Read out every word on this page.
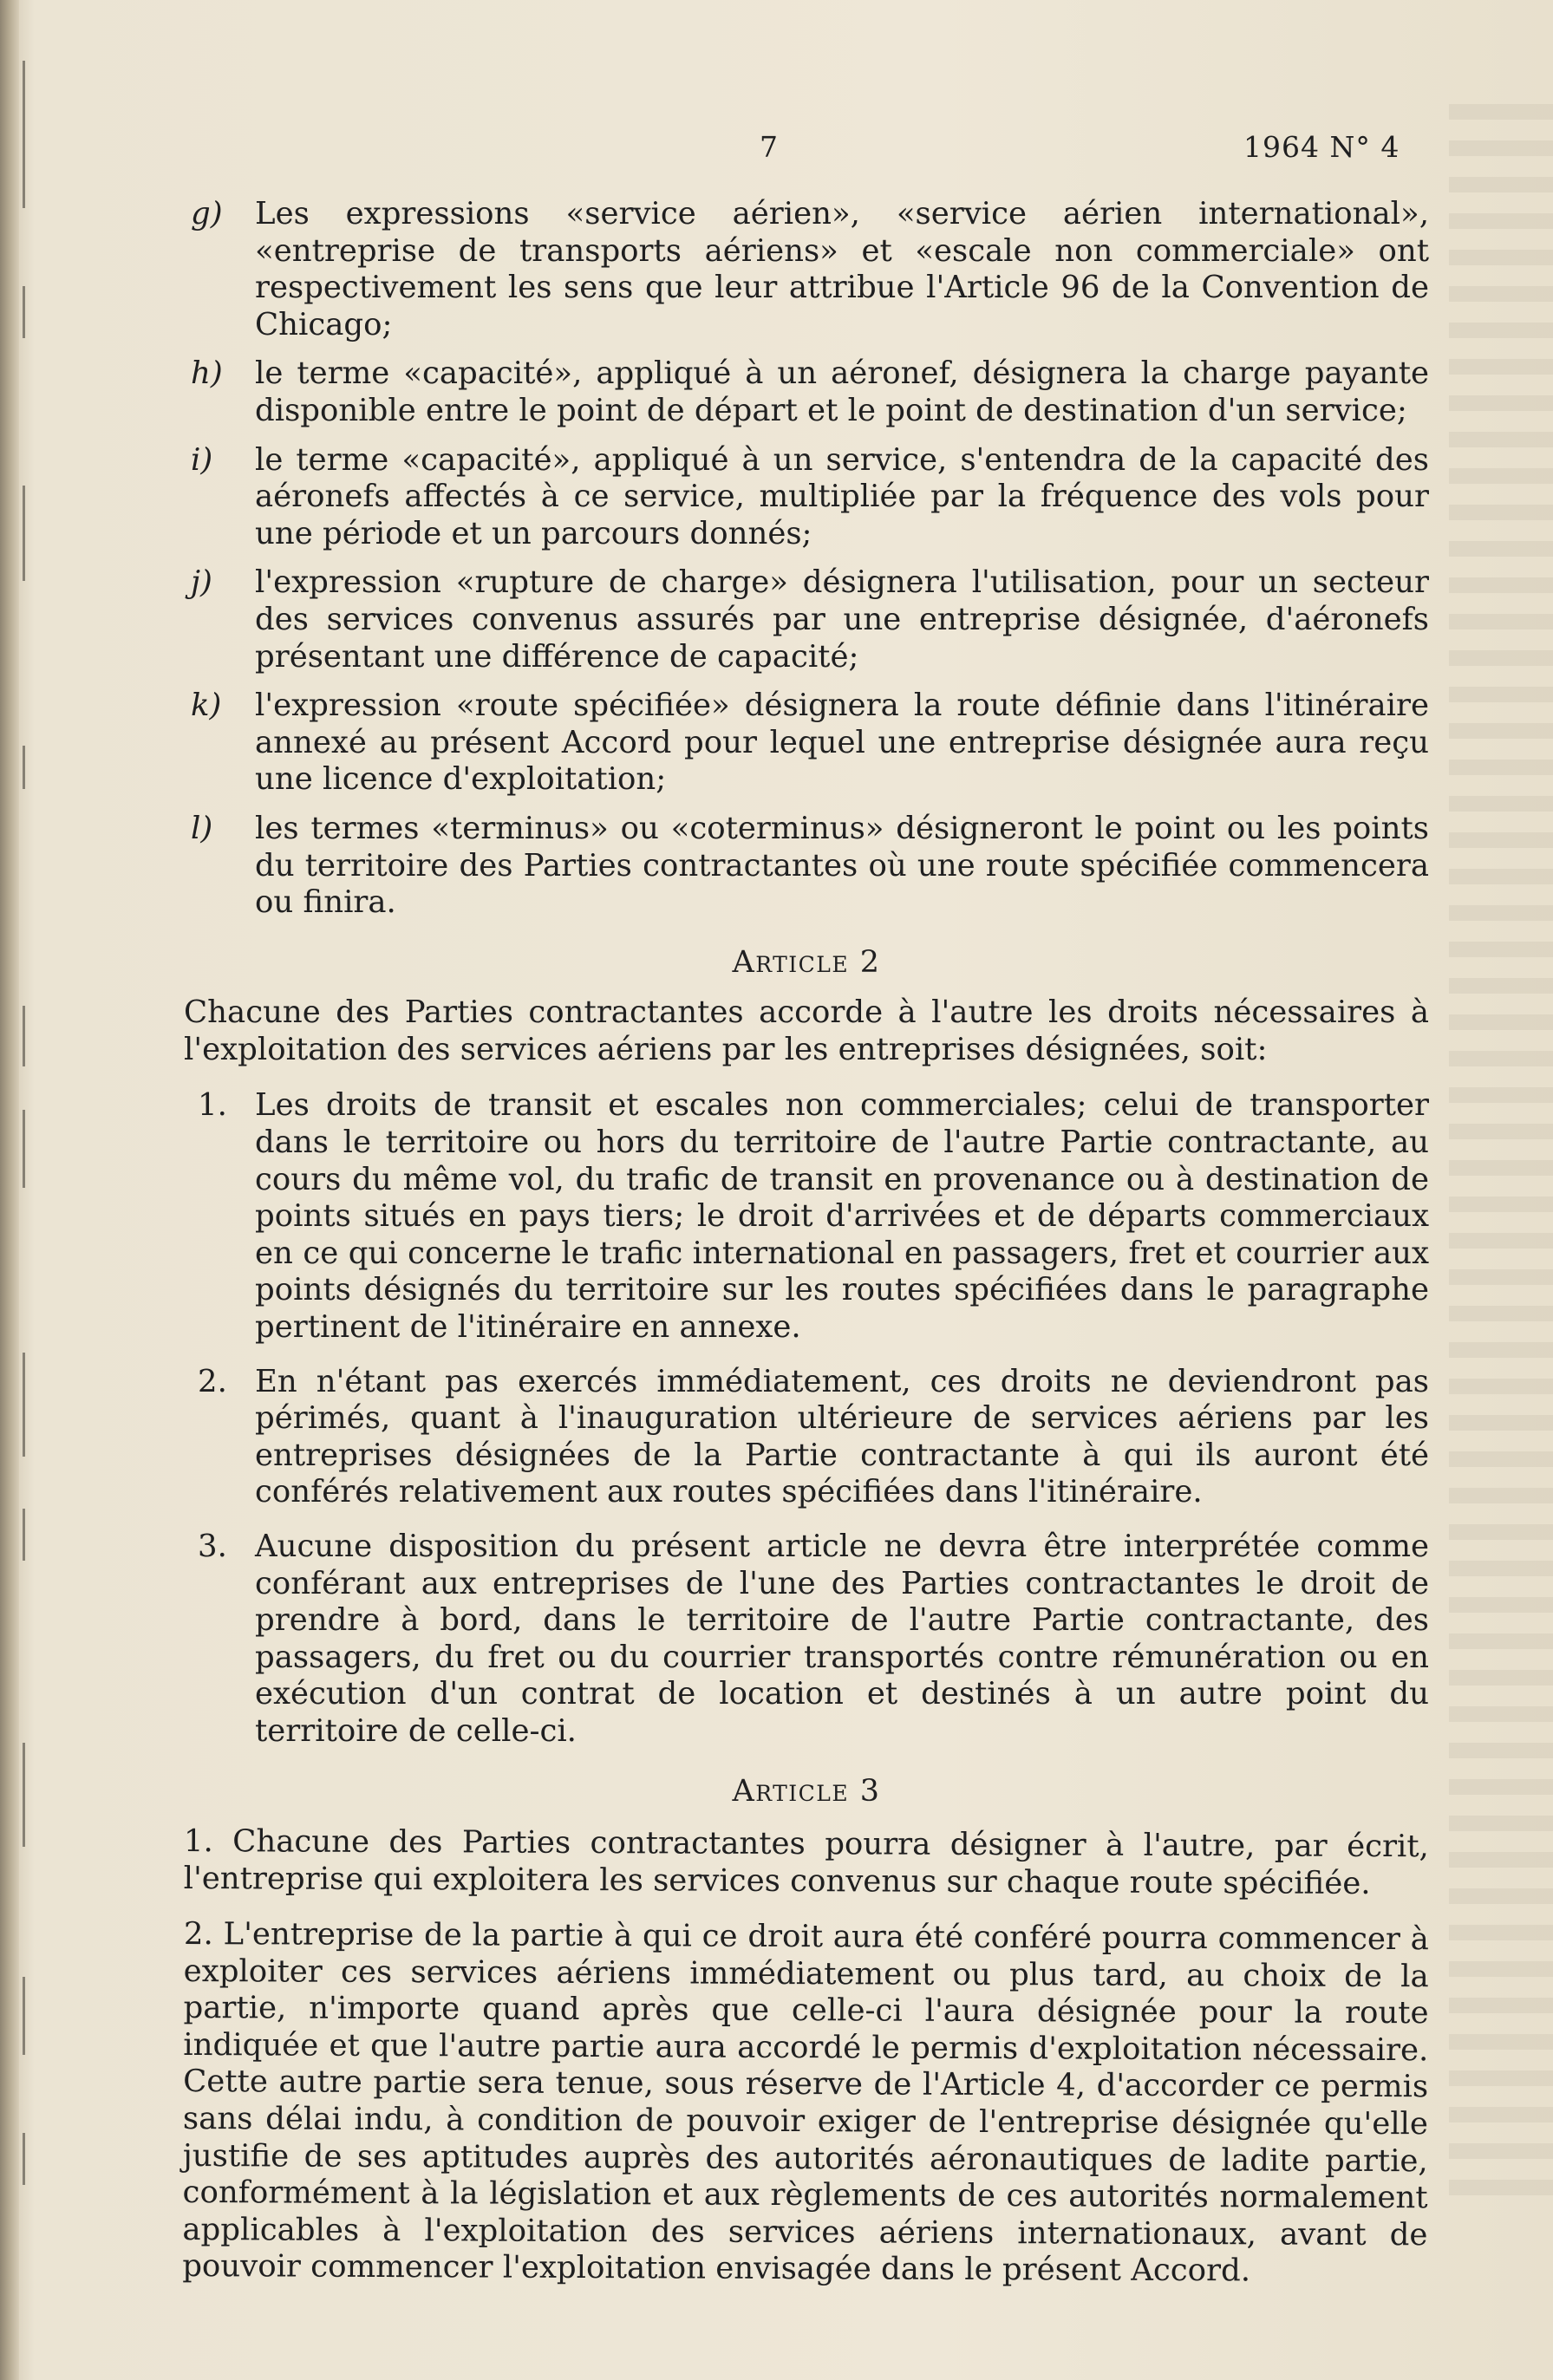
7	1964 N° 4
g)	Les expressions «service aérien», «service aérien international», «entreprise de transports aériens» et «escale non commerciale» ont respectivement les sens que leur attribue l'Article 96 de la Convention de Chicago;
h)	le terme «capacité», appliqué à un aéronef, désignera la charge payante disponible entre le point de départ et le point de destination d'un service;
i)	le terme «capacité», appliqué à un service, s'entendra de la capacité des aéronefs affectés à ce service, multipliée par la fréquence des vols pour une période et un parcours donnés;
j)	l'expression «rupture de charge» désignera l'utilisation, pour un secteur des services convenus assurés par une entreprise désignée, d'aéronefs présentant une différence de capacité;
k)	l'expression «route spécifiée» désignera la route définie dans l'itinéraire annexé au présent Accord pour lequel une entreprise désignée aura reçu une licence d'exploitation;
l)	les termes «terminus» ou «coterminus» désigneront le point ou les points du territoire des Parties contractantes où une route spécifiée commencera ou finira.
Article 2
Chacune des Parties contractantes accorde à l'autre les droits nécessaires à l'exploitation des services aériens par les entreprises désignées, soit:
1. Les droits de transit et escales non commerciales; celui de transporter dans le territoire ou hors du territoire de l'autre Partie contractante, au cours du même vol, du trafic de transit en provenance ou à destination de points situés en pays tiers; le droit d'arrivées et de départs commerciaux en ce qui concerne le trafic international en passagers, fret et courrier aux points désignés du territoire sur les routes spécifiées dans le paragraphe pertinent de l'itinéraire en annexe.
2. En n'étant pas exercés immédiatement, ces droits ne deviendront pas périmés, quant à l'inauguration ultérieure de services aériens par les entreprises désignées de la Partie contractante à qui ils auront été conférés relativement aux routes spécifiées dans l'itinéraire.
3. Aucune disposition du présent article ne devra être interprétée comme conférant aux entreprises de l'une des Parties contractantes le droit de prendre à bord, dans le territoire de l'autre Partie contractante, des passagers, du fret ou du courrier transportés contre rémunération ou en exécution d'un contrat de location et destinés à un autre point du territoire de celle-ci.
Article 3
1. Chacune des Parties contractantes pourra désigner à l'autre, par écrit, l'entreprise qui exploitera les services convenus sur chaque route spécifiée.
2. L'entreprise de la partie à qui ce droit aura été conféré pourra commencer à exploiter ces services aériens immédiatement ou plus tard, au choix de la partie, n'importe quand après que celle-ci l'aura désignée pour la route indiquée et que l'autre partie aura accordé le permis d'exploitation nécessaire. Cette autre partie sera tenue, sous réserve de l'Article 4, d'accorder ce permis sans délai indu, à condition de pouvoir exiger de l'entreprise désignée qu'elle justifie de ses aptitudes auprès des autorités aéronautiques de ladite partie, conformément à la législation et aux règlements de ces autorités normalement applicables à l'exploitation des services aériens internationaux, avant de pouvoir commencer l'exploitation envisagée dans le présent Accord.
